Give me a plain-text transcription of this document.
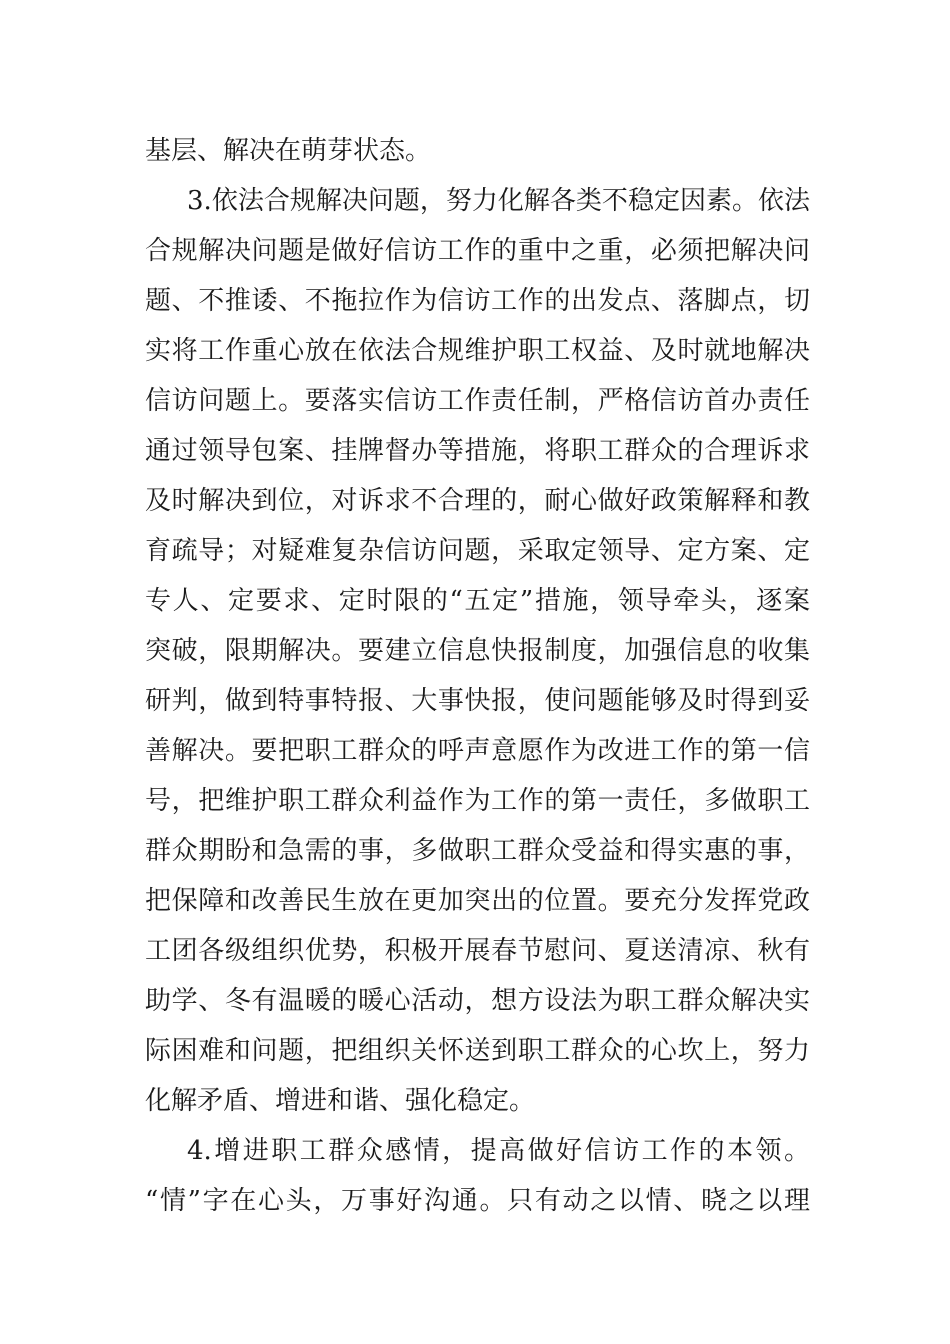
基层、解决在萌芽状态。
3.依法合规解决问题，努力化解各类不稳定因素。依法
合规解决问题是做好信访工作的重中之重，必须把解决问
题、不推诿、不拖拉作为信访工作的出发点、落脚点，切
实将工作重心放在依法合规维护职工权益、及时就地解决
信访问题上。要落实信访工作责任制，严格信访首办责任
通过领导包案、挂牌督办等措施，将职工群众的合理诉求
及时解决到位，对诉求不合理的，耐心做好政策解释和教
育疏导；对疑难复杂信访问题，采取定领导、定方案、定
专人、定要求、定时限的“五定”措施，领导牵头，逐案
突破，限期解决。要建立信息快报制度，加强信息的收集
研判，做到特事特报、大事快报，使问题能够及时得到妥
善解决。要把职工群众的呼声意愿作为改进工作的第一信
号，把维护职工群众利益作为工作的第一责任，多做职工
群众期盼和急需的事，多做职工群众受益和得实惠的事，
把保障和改善民生放在更加突出的位置。要充分发挥党政
工团各级组织优势，积极开展春节慰问、夏送清凉、秋有
助学、冬有温暖的暖心活动，想方设法为职工群众解决实
际困难和问题，把组织关怀送到职工群众的心坎上，努力
化解矛盾、增进和谐、强化稳定。
4.增进职工群众感情，提高做好信访工作的本领。
“情”字在心头，万事好沟通。只有动之以情、晓之以理
